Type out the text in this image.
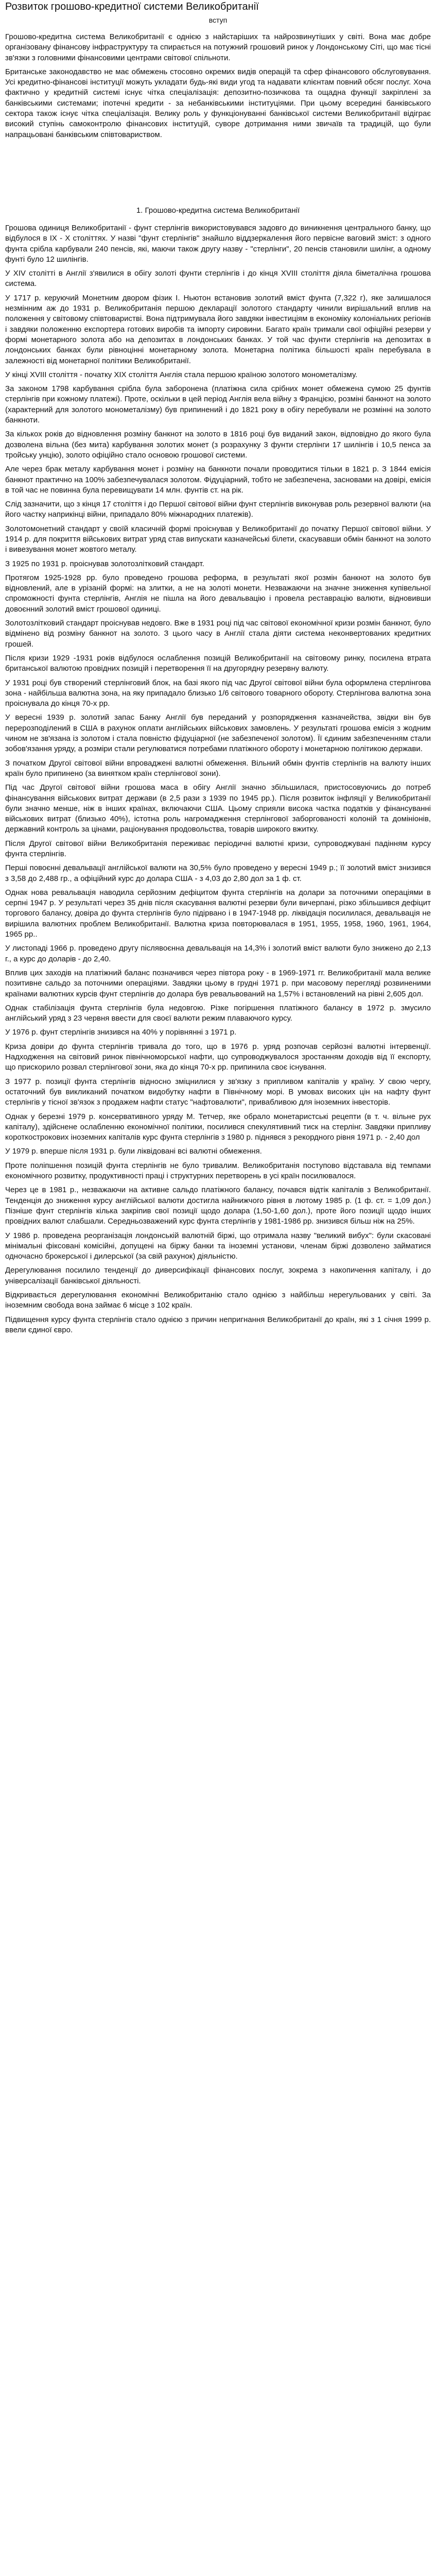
Розвиток грошово-кредитної системи Великобританії
вступ

Грошово-кредитна система Великобританії є однією з найстаріших та найрозвинутіших у світі. Вона має добре організовану фінансову інфраструктуру та спирається на потужний грошовий ринок у Лондонському Сіті, що має тісні зв'язки з головними фінансовими центрами світової спільноти.

Британське законодавство не має обмежень стосовно окремих видів операцій та сфер фінансового обслуговування. Усі кредитно-фінансові інституції можуть укладати будь-які види угод та надавати клієнтам повний обсяг послуг. Хоча фактично у кредитній системі існує чітка спеціалізація: депозитно-позичкова та ощадна функції закріплені за банківськими системами; іпотечні кредити - за небанківськими інституціями. При цьому всередині банківського сектора також існує чітка спеціалізація. Велику роль у функціонуванні банківської системи Великобританії відіграє високий ступінь самоконтролю фінансових інституцій, суворе дотримання ними звичаїв та традицій, що були напрацьовані банківським співтовариством.

1. Грошово-кредитна система Великобританії

Грошова одиниця Великобританії - фунт стерлінгів використовувався задовго до виникнення центрального банку, що відбулося в IX - X століттях. У назві "фунт стерлінгів" знайшло віддзеркалення його первісне ваговий зміст: з одного фунта срібла карбували 240 пенсів, які, маючи також другу назву - "стерлінги", 20 пенсів становили шилінг, а одному фунті було 12 шилінгів.

У XIV столітті в Англії з'явилися в обігу золоті фунти стерлінгів і до кінця XVIII століття діяла біметалічна грошова система.

У 1717 р. керуючий Монетним двором фізик І. Ньютон встановив золотий вміст фунта (7,322 г), яке залишалося незмінним аж до 1931 р. Великобританія першою декларації золотого стандарту чинили вирішальний вплив на положення у світовому співтоваристві. Вона підтримувала його завдяки інвестиціям в економіку колоніальних регіонів і завдяки положенню експортера готових виробів та імпорту сировини. Багато країн тримали свої офіційні резерви у формі монетарного золота або на депозитах в лондонських банках. У той час фунти стерлінгів на депозитах в лондонських банках були рівноцінні монетарному золота. Монетарна політика більшості країн перебувала в залежності від монетарної політики Великобританії.

У кінці XVIII століття - початку XIX століття Англія стала першою країною золотого монометалізму.

За законом 1798 карбування срібла була заборонена (платіжна сила срібних монет обмежена сумою 25 фунтів стерлінгів при кожному платежі). Проте, оскільки в цей період Англія вела війну з Францією, розміні банкнот на золото (характерний для золотого монометалізму) був припинений і до 1821 року в обігу перебували не розмінні на золото банкноти.

За кількох років до відновлення розміну банкнот на золото в 1816 році був виданий закон, відповідно до якого була дозволена вільна (без мита) карбування золотих монет (з розрахунку 3 фунти стерлінги 17 шилінгів і 10,5 пенса за тройську унцію), золото офіційно стало основою грошової системи.

Але через брак металу карбування монет і розміну на банкноти почали проводитися тільки в 1821 р. З 1844 емісія банкнот практично на 100% забезпечувалася золотом. Фідуціарний, тобто не забезпечена, засновами на довірі, емісія в той час не повинна була перевищувати 14 млн. фунтів ст. на рік.

Слід зазначити, що з кінця 17 століття і до Першої світової війни фунт стерлінгів виконував роль резервної валюти (на його частку наприкінці війни, припадало 80% міжнародних платежів).

Золотомонетний стандарт у своїй класичній формі проіснував у Великобританії до початку Першої світової війни. У 1914 р. для покриття військових витрат уряд став випускати казначейські білети, скасувавши обмін банкнот на золото і вивезування монет жовтого металу.

З 1925 по 1931 р. проіснував золотозлітковий стандарт.

Протягом 1925-1928 рр. було проведено грошова реформа, в результаті якої розмін банкнот на золото був відновлений, але в урізаній формі: на злитки, а не на золоті монети. Незважаючи на значне зниження купівельної спроможності фунта стерлінгів, Англія не пішла на його девальвацію і провела реставрацію валюти, відновивши довоєнний золотий вміст грошової одиниці.

Золотозлітковий стандарт проіснував недовго. Вже в 1931 році під час світової економічної кризи розмін банкнот, було відмінено від розміну банкнот на золото. З цього часу в Англії стала діяти система неконвертованих кредитних грошей.

Після кризи 1929 -1931 років відбулося ослаблення позицій Великобританії на світовому ринку, посилена втрата британської валютою провідних позицій і перетворення її на другорядну резервну валюту.

У 1931 році був створений стерлінговий блок, на базі якого під час Другої світової війни була оформлена стерлінгова зона - найбільша валютна зона, на яку припадало близько 1/6 світового товарного обороту. Стерлінгова валютна зона проіснувала до кінця 70-х рр.

У вересні 1939 р. золотий запас Банку Англії був переданий у розпорядження казначейства, звідки він був перерозподілений в США в рахунок оплати англійських військових замовлень. У результаті грошова емісія з жодним чином не зв'язана із золотом і стала повністю фідуціарної (не забезпеченої золотом). Її єдиним забезпеченням стали зобов'язання уряду, а розміри стали регулюватися потребами платіжного обороту і монетарною політикою держави.

З початком Другої світової війни впроваджені валютні обмеження. Вільний обмін фунтів стерлінгів на валюту інших країн було припинено (за винятком країн стерлінгової зони).

Під час Другої світової війни грошова маса в обігу Англії значно збільшилася, пристосовуючись до потреб фінансування військових витрат держави (в 2,5 рази з 1939 по 1945 рр.). Після розвиток інфляції у Великобританії були значно менше, ніж в інших країнах, включаючи США. Цьому сприяли висока частка податків у фінансуванні військових витрат (близько 40%), істотна роль нагромадження стерлінгової заборгованості колоній та домініонів, державний контроль за цінами, раціонування продовольства, товарів широкого вжитку.

Після Другої світової війни Великобританія переживає періодичні валютні кризи, супроводжувані падінням курсу фунта стерлінгів.

Перші повоєнні девальвації англійської валюти на 30,5% було проведено у вересні 1949 р.; її золотий вміст знизився з 3,58 до 2,488 гр., а офіційний курс до долара США - з 4,03 до 2,80 дол за 1 ф. ст.

Однак нова ревальвація наводила серйозним дефіцитом фунта стерлінгів на долари за поточними операціями в серпні 1947 р. У результаті через 35 днів після скасування валютні резерви були вичерпані, різко збільшився дефіцит торгового балансу, довіра до фунта стерлінгів було підірвано і в 1947-1948 рр. ліквідація посилилася, девальвація не вирішила валютних проблем Великобританії. Валютна криза повторювалася в 1951, 1955, 1958, 1960, 1961, 1964, 1965 рр..

У листопаді 1966 р. проведено другу післявоєнна девальвація на 14,3% і золотий вміст валюти було знижено до 2,13 г., а курс до доларів - до 2,40.

Вплив цих заходів на платіжний баланс позначився через півтора року - в 1969-1971 гг. Великобританії мала велике позитивне сальдо за поточними операціями. Завдяки цьому в грудні 1971 р. при масовому перегляді розвиненими країнами валютних курсів фунт стерлінгів до долара був ревальвований на 1,57% і встановлений на рівні 2,605 дол.

Однак стабілізація фунта стерлінгів була недовгою. Різке погіршення платіжного балансу в 1972 р. змусило англійський уряд з 23 червня ввести для своєї валюти режим плаваючого курсу.

У 1976 р. фунт стерлінгів знизився на 40% у порівнянні з 1971 р.

Криза довіри до фунта стерлінгів тривала до того, що в 1976 р. уряд розпочав серйозні валютні інтервенції. Надходження на світовий ринок північноморської нафти, що супроводжувалося зростанням доходів від її експорту, що прискорило розвал стерлінгової зони, яка до кінця 70-х рр. припинила своє існування.

З 1977 р. позиції фунта стерлінгів відносно зміцнилися у зв'язку з припливом капіталів у країну. У свою чергу, остаточний був викликаний початком видобутку нафти в Північному морі. В умовах високих цін на нафту фунт стерлінгів у тісної зв'язок з продажем нафти статус "нафтовалюти", привабливою для іноземних інвесторів.

Однак у березні 1979 р. консервативного уряду М. Тетчер, яке обрало монетаристські рецепти (в т. ч. вільне рух капіталу), здійснене ослабленню економічної політики, посилився спекулятивний тиск на стерлінг. Завдяки припливу короткострокових іноземних капіталів курс фунта стерлінгів з 1980 р. піднявся з рекордного рівня 1971 р. - 2,40 дол

У 1979 р. вперше після 1931 р. були ліквідовані всі валютні обмеження.

Проте поліпшення позицій фунта стерлінгів не було тривалим. Великобританія поступово відставала від темпами економічного розвитку, продуктивності праці і структурних перетворень в усі країн посилювалося.

Через це в 1981 р., незважаючи на активне сальдо платіжного балансу, почався відтік капіталів з Великобританії. Тенденція до зниження курсу англійської валюти достигла найнижчого рівня в лютому 1985 р. (1 ф. ст. = 1,09 дол.) Пізніше фунт стерлінгів кілька закріпив свої позиції щодо долара (1,50-1,60 дол.), проте його позиції щодо інших провідних валют слабшали. Середньозважений курс фунта стерлінгів у 1981-1986 рр. знизився більш ніж на 25%.

У 1986 р. проведена реорганізація лондонській валютній біржі, що отримала назву "великий вибух": були скасовані мінімальні фіксовані комісійні, допущені на біржу банки та іноземні установи, членам біржі дозволено займатися одночасно брокерської і дилерської (за свій рахунок) діяльністю.

Дерегулювання посилило тенденції до диверсифікації фінансових послуг, зокрема з накопичення капіталу, і до універсалізації банківської діяльності.

Відкривається дерегулювання економічні Великобританію стало однією з найбільш нерегульованих у світі. За іноземним свобода вона займає 6 місце з 102 країн.

Підвищення курсу фунта стерлінгів стало однією з причин непригнання Великобританії до країн, які з 1 січня 1999 р. ввели єдиної євро.
